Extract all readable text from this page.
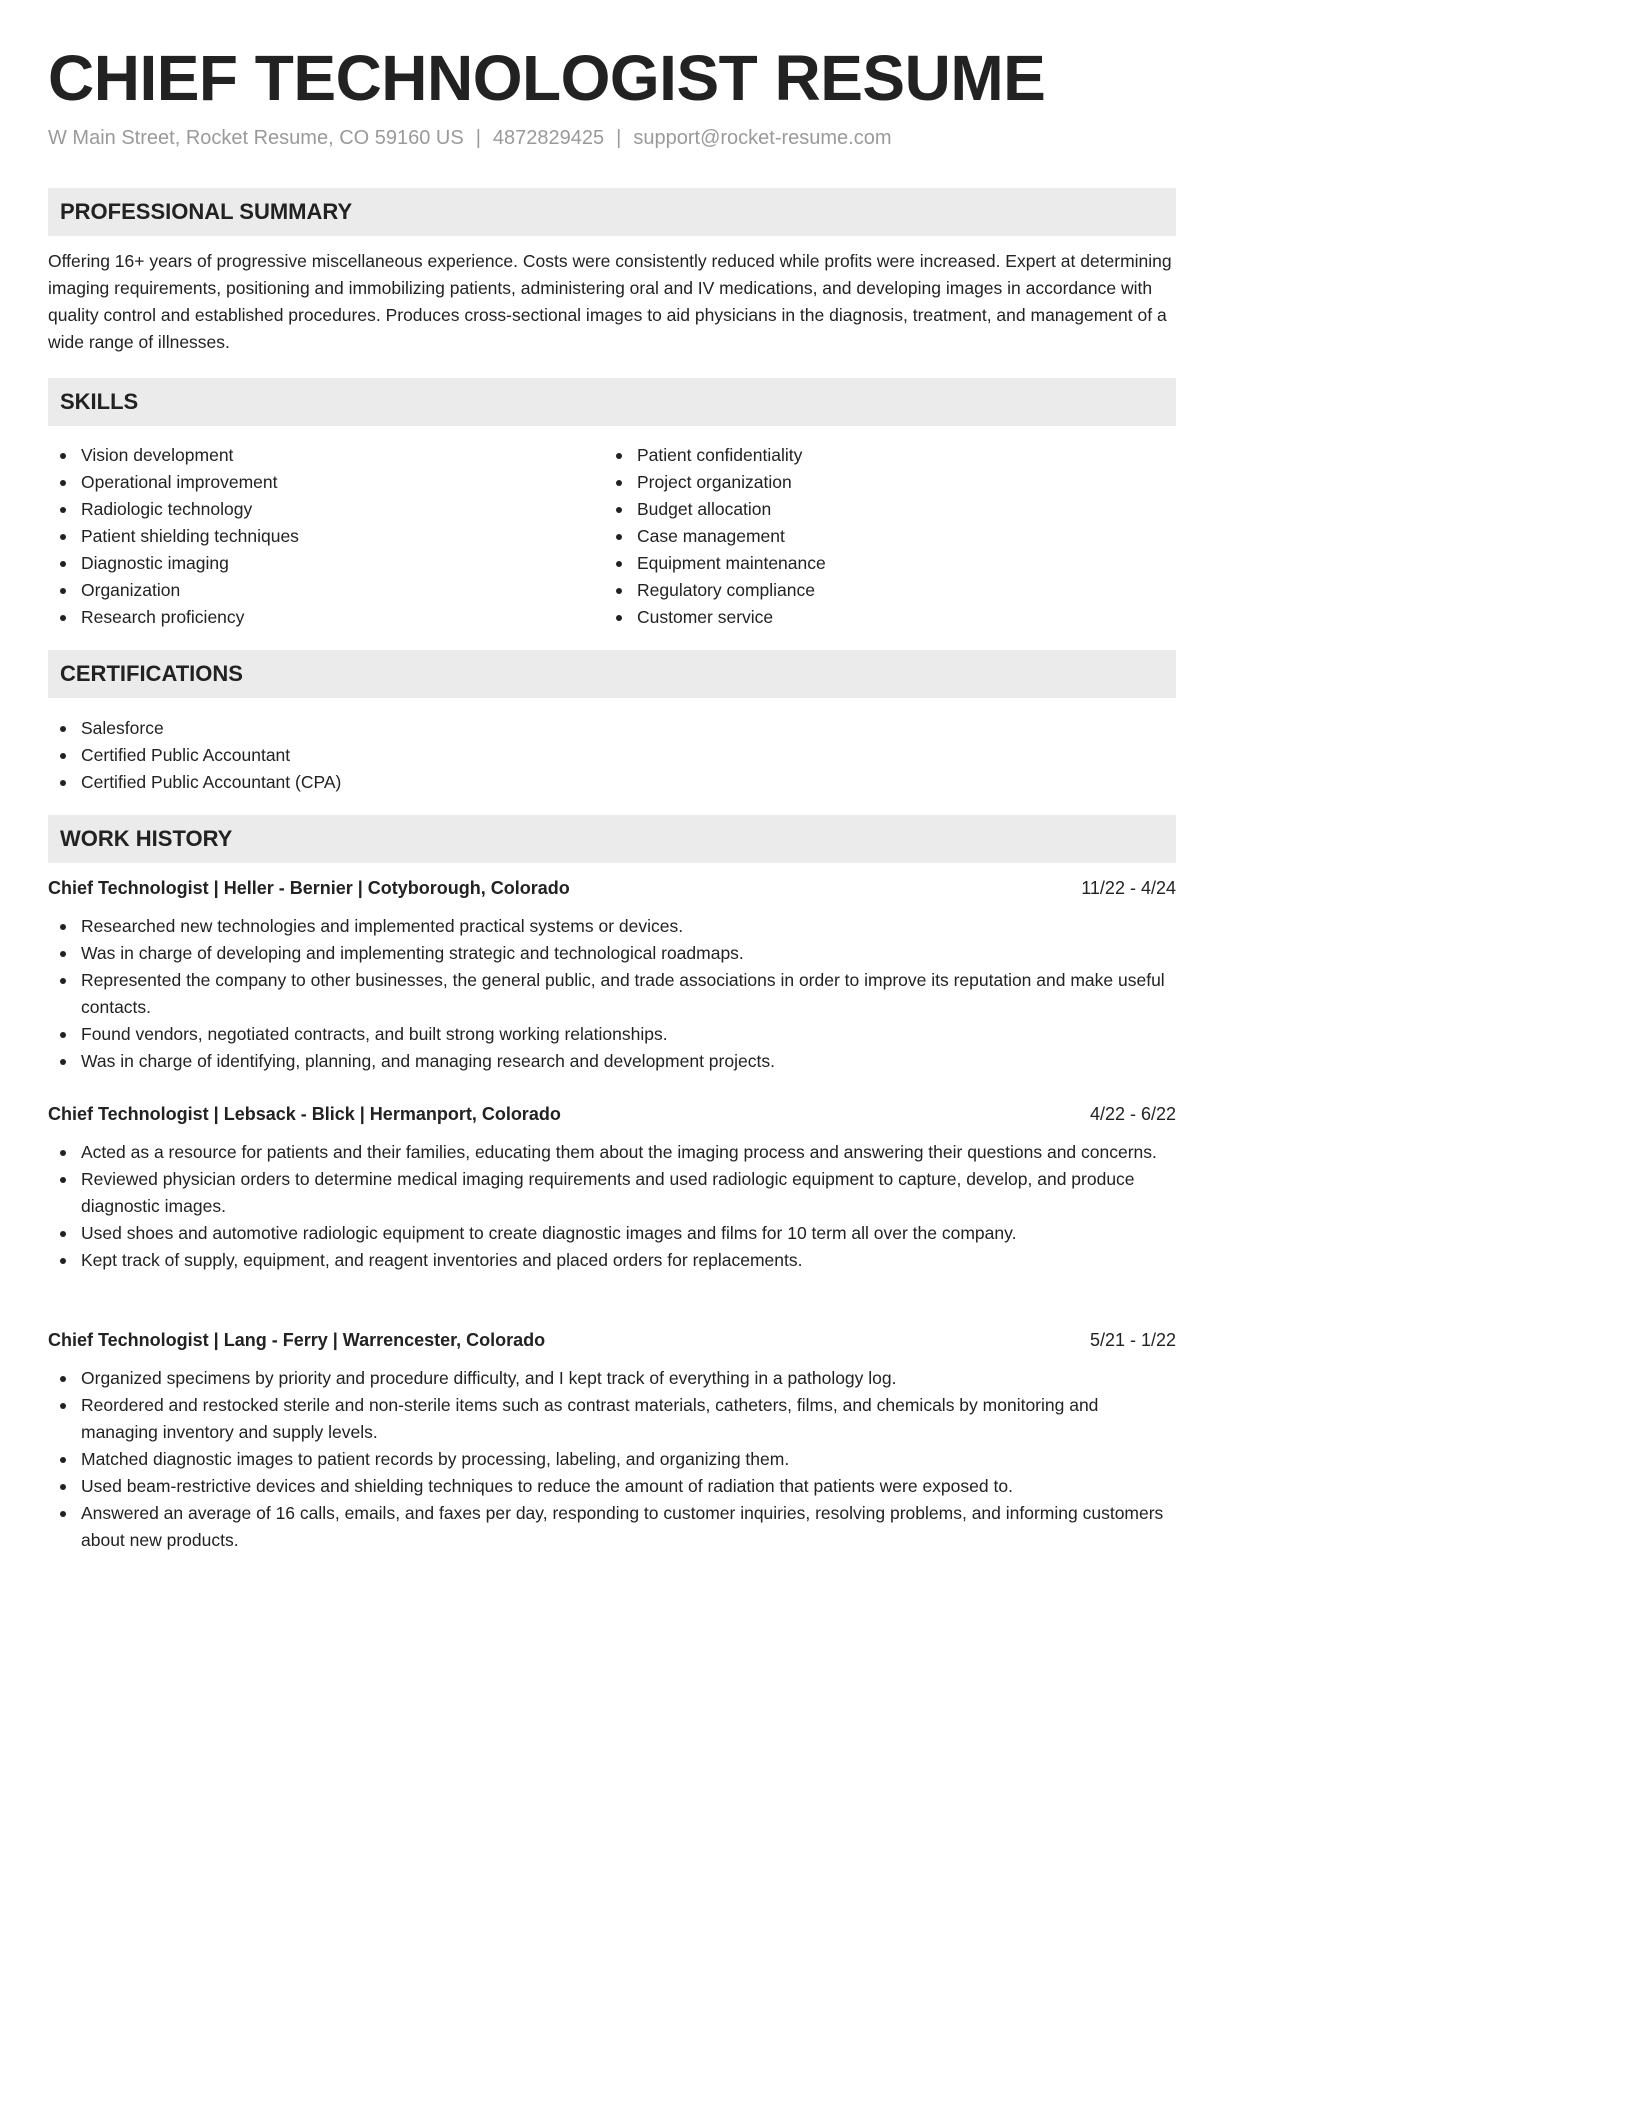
CHIEF TECHNOLOGIST RESUME
W Main Street, Rocket Resume, CO 59160 US | 4872829425 | support@rocket-resume.com
PROFESSIONAL SUMMARY

Offering 16+ years of progressive miscellaneous experience. Costs were consistently reduced while profits were increased. Expert at determining imaging requirements, positioning and immobilizing patients, administering oral and IV medications, and developing images in accordance with quality control and established procedures. Produces cross-sectional images to aid physicians in the diagnosis, treatment, and management of a wide range of illnesses.

SKILLS
Vision development
Operational improvement
Radiologic technology
Patient shielding techniques
Diagnostic imaging
Organization
Research proficiency
Patient confidentiality
Project organization
Budget allocation
Case management
Equipment maintenance
Regulatory compliance
Customer service
CERTIFICATIONS
Salesforce
Certified Public Accountant
Certified Public Accountant (CPA)
WORK HISTORY
Chief Technologist | Heller - Bernier | Cotyborough, Colorado	11/22 - 4/24
Researched new technologies and implemented practical systems or devices.
Was in charge of developing and implementing strategic and technological roadmaps.
Represented the company to other businesses, the general public, and trade associations in order to improve its reputation and make useful contacts.
Found vendors, negotiated contracts, and built strong working relationships.
Was in charge of identifying, planning, and managing research and development projects.
Chief Technologist | Lebsack - Blick | Hermanport, Colorado	4/22 - 6/22
Acted as a resource for patients and their families, educating them about the imaging process and answering their questions and concerns.
Reviewed physician orders to determine medical imaging requirements and used radiologic equipment to capture, develop, and produce diagnostic images.
Used shoes and automotive radiologic equipment to create diagnostic images and films for 10 term all over the company.
Kept track of supply, equipment, and reagent inventories and placed orders for replacements.
Chief Technologist | Lang - Ferry | Warrencester, Colorado	5/21 - 1/22
Organized specimens by priority and procedure difficulty, and I kept track of everything in a pathology log.
Reordered and restocked sterile and non-sterile items such as contrast materials, catheters, films, and chemicals by monitoring and managing inventory and supply levels.
Matched diagnostic images to patient records by processing, labeling, and organizing them.
Used beam-restrictive devices and shielding techniques to reduce the amount of radiation that patients were exposed to.
Answered an average of 16 calls, emails, and faxes per day, responding to customer inquiries, resolving problems, and informing customers about new products.
